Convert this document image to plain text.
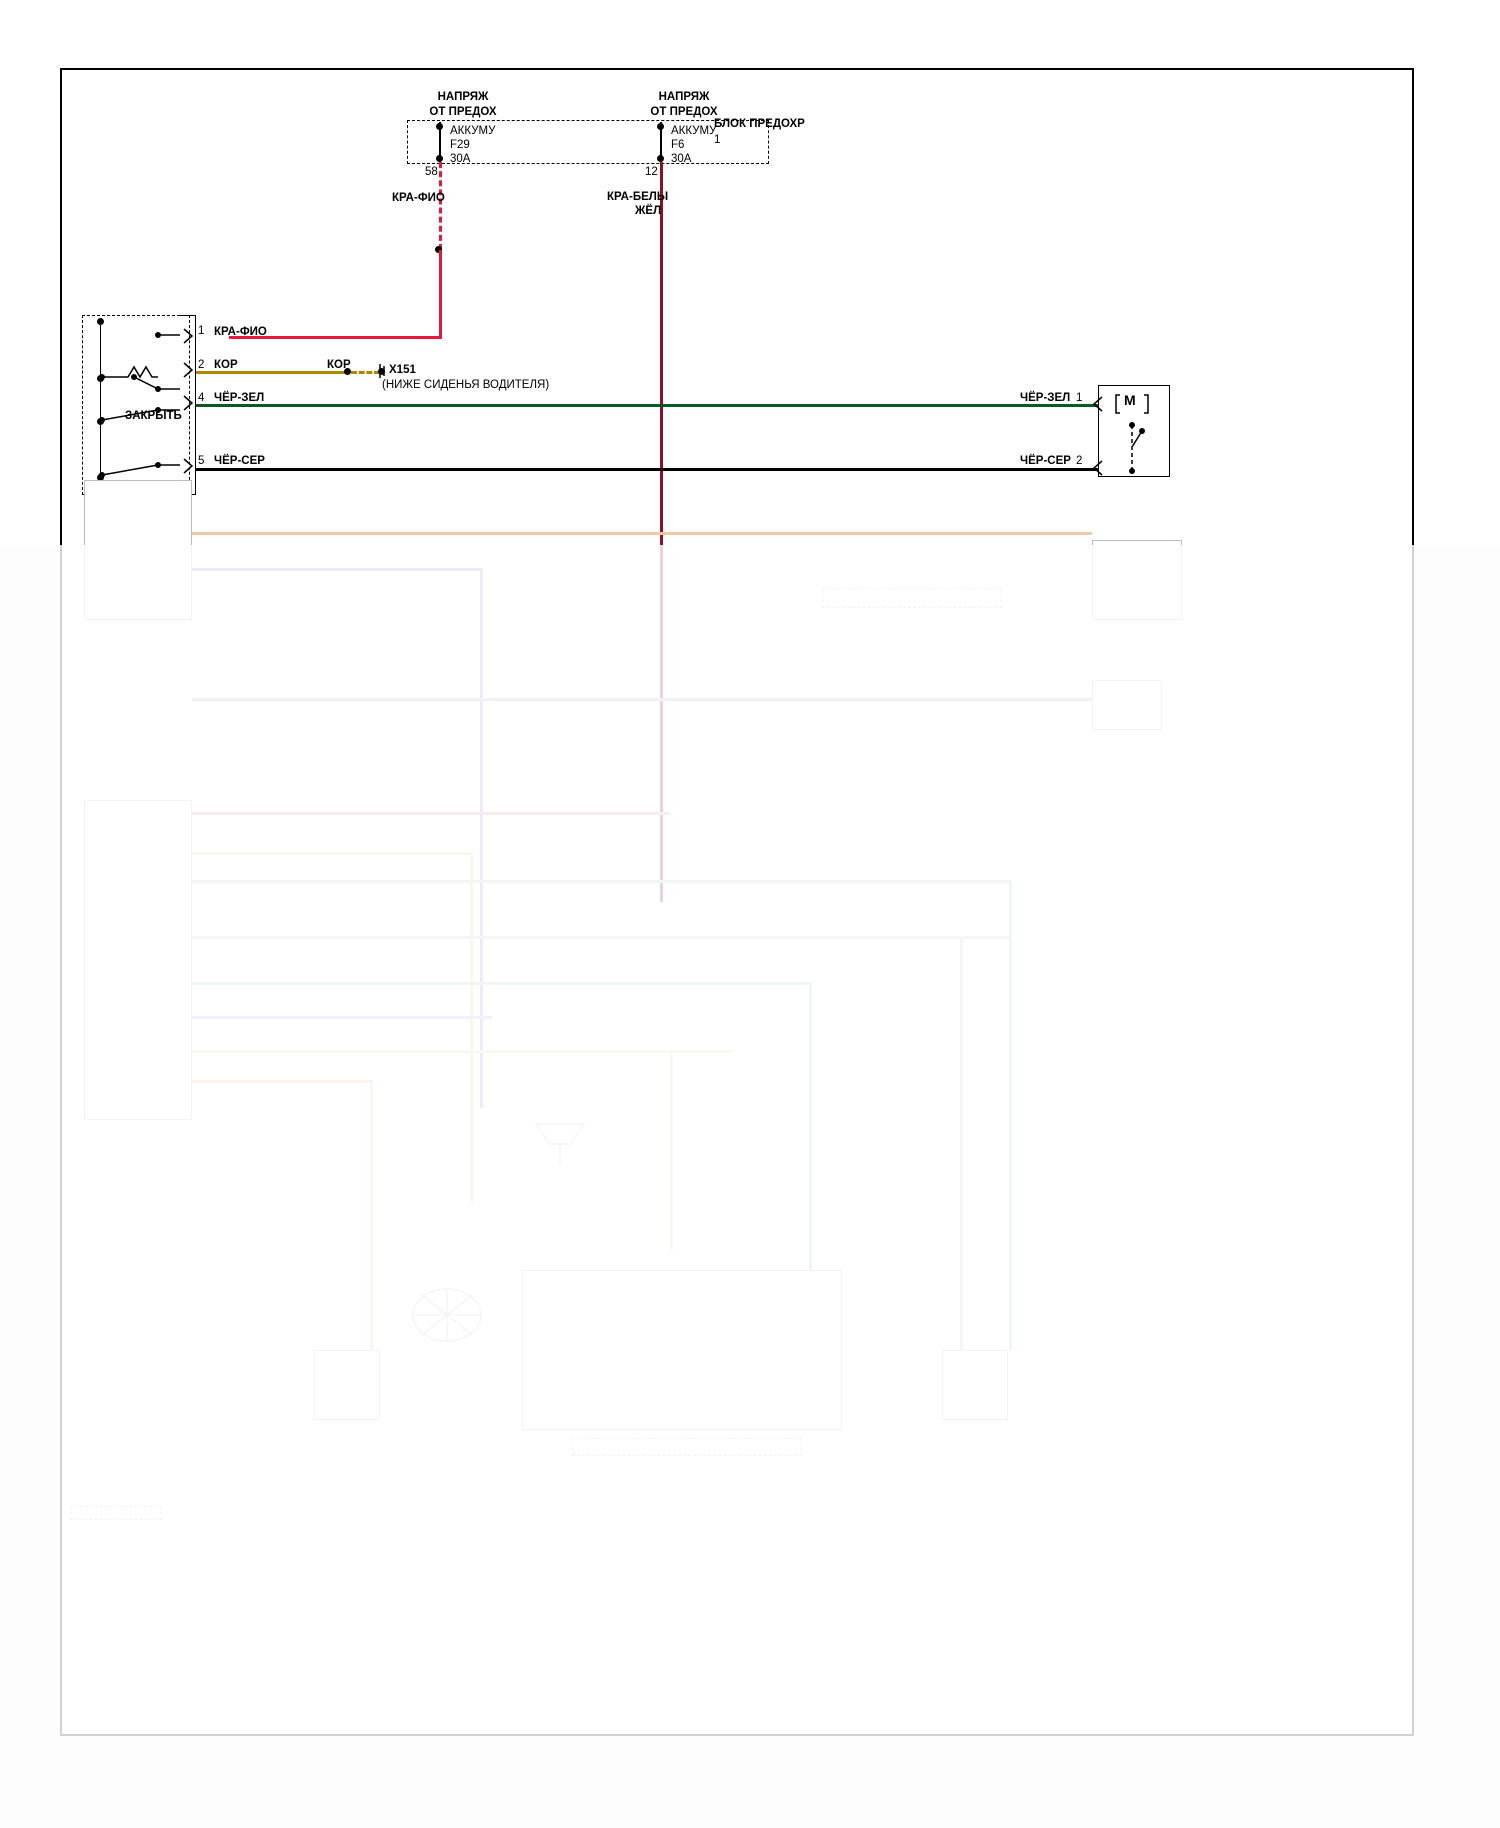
НАПРЯЖ
ОТ ПРЕДОХ
АККУМУ
F29
30A
58
НАПРЯЖ
ОТ ПРЕДОХ
АККУМУ
F6
30A
12
БЛОК ПРЕДОХР
1
КРА-ФИО	КРА-БЕЛЫ
ЖЁЛ
ЗАКРЫТЬ
1
2
4
5
КРА-ФИО
КОР	КОР	X151
(НИЖЕ СИДЕНЬЯ ВОДИТЕЛЯ)
ЧЁР-ЗЕЛ	ЧЁР-ЗЕЛ
ЧЁР-СЕР	ЧЁР-СЕР
1
2
M
